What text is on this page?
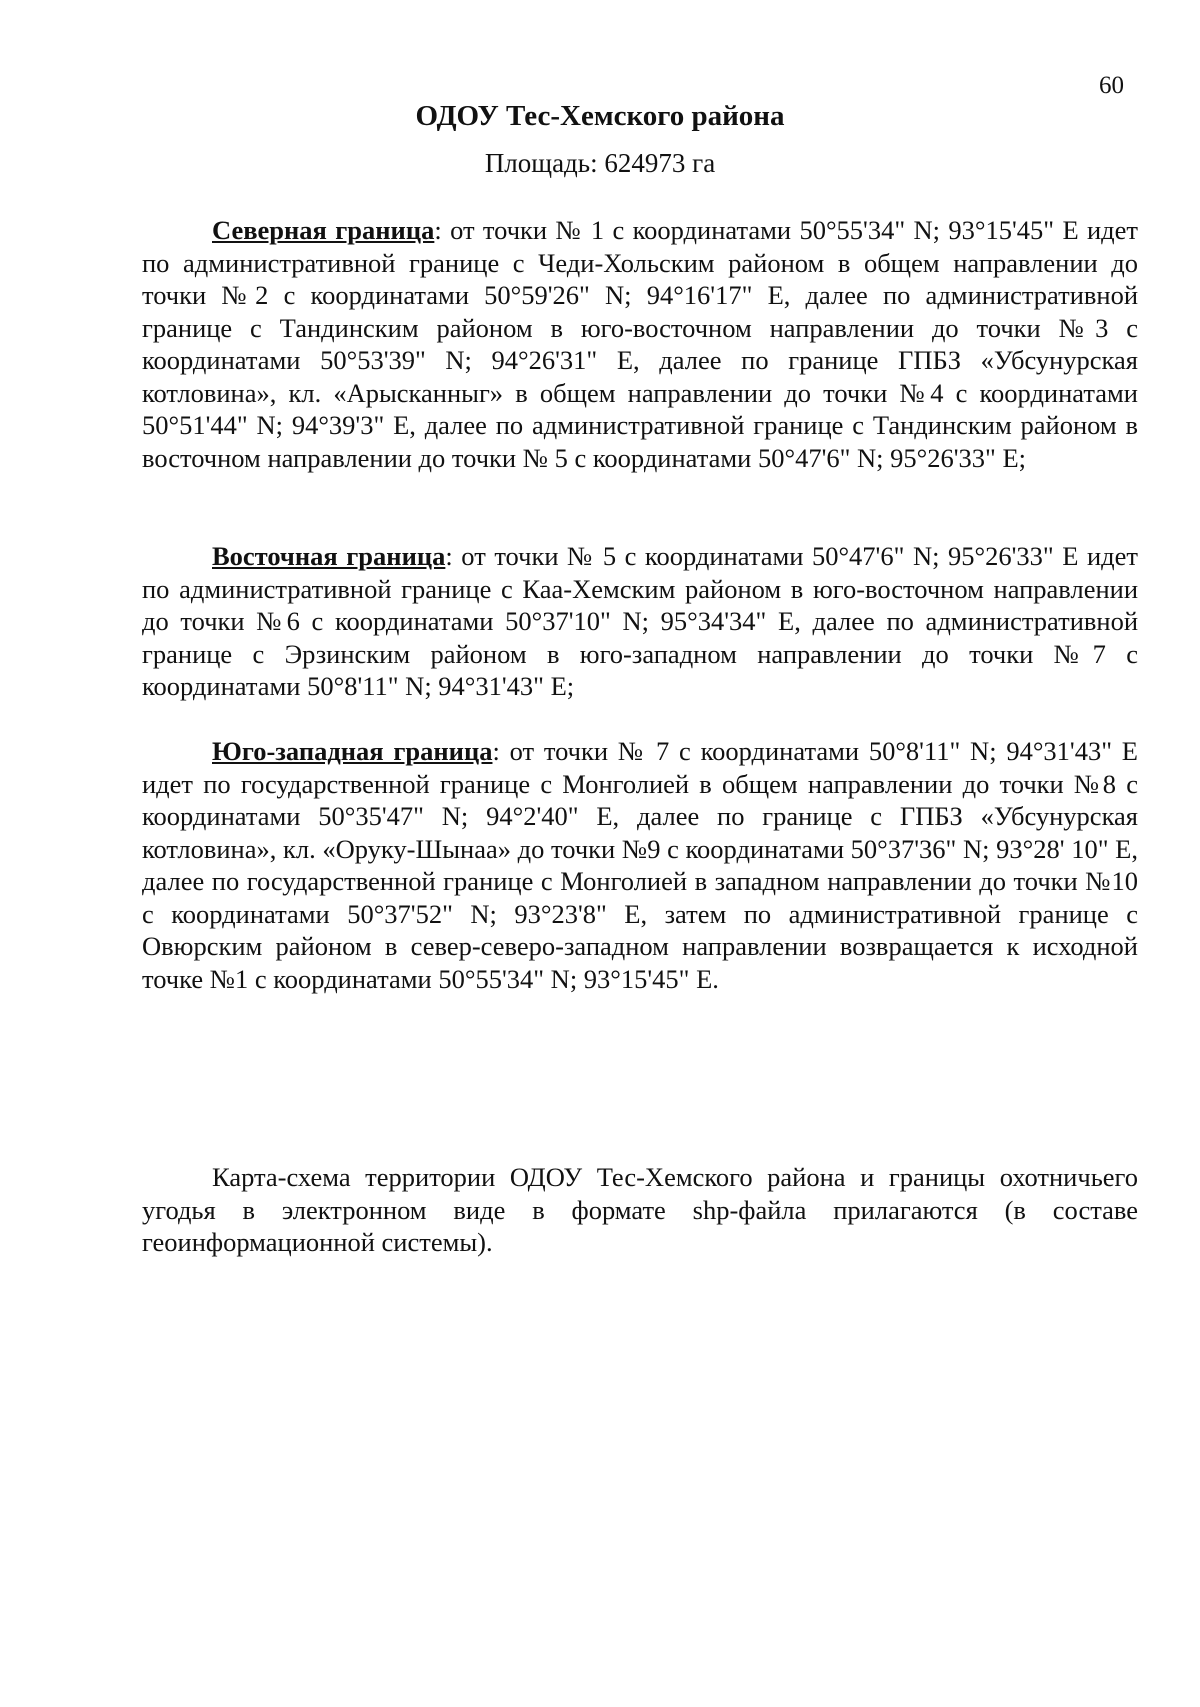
60
ОДОУ Тес-Хемского района
Площадь: 624973 га

Северная граница: от точки № 1 с координатами 50°55'34" N; 93°15'45" E идет по административной границе с Чеди-Хольским районом в общем направлении до точки №2 с координатами 50°59'26" N; 94°16'17" E, далее по административной границе с Тандинским районом в юго-восточном направлении до точки №3 с координатами 50°53'39" N; 94°26'31" E, далее по границе ГПБЗ «Убсунурская котловина», кл. «Арысканныг» в общем направлении до точки №4 с координатами 50°51'44" N; 94°39'3" E, далее по административной границе с Тандинским районом в восточном направлении до точки № 5 с координатами 50°47'6" N; 95°26'33" E;

Восточная граница: от точки № 5 с координатами 50°47'6" N; 95°26'33" E идет по административной границе с Каа-Хемским районом в юго-восточном направлении до точки №6 с координатами 50°37'10" N; 95°34'34" E, далее по административной границе с Эрзинским районом в юго-западном направлении до точки №7 с координатами 50°8'11" N; 94°31'43" E;

Юго-западная граница: от точки № 7 с координатами 50°8'11" N; 94°31'43" E идет по государственной границе с Монголией в общем направлении до точки №8 с координатами 50°35'47" N; 94°2'40" E, далее по границе с ГПБЗ «Убсунурская котловина», кл. «Оруку-Шынаа» до точки №9 с координатами 50°37'36" N; 93°28' 10" E, далее по государственной границе с Монголией в западном направлении до точки №10 с координатами 50°37'52" N; 93°23'8" E, затем по административной границе с Овюрским районом в север-северо-западном направлении возвращается к исходной точке №1 с координатами 50°55'34" N; 93°15'45" E.

Карта-схема территории ОДОУ Тес-Хемского района и границы охотничьего угодья в электронном виде в формате shp-файла прилагаются (в составе геоинформационной системы).
